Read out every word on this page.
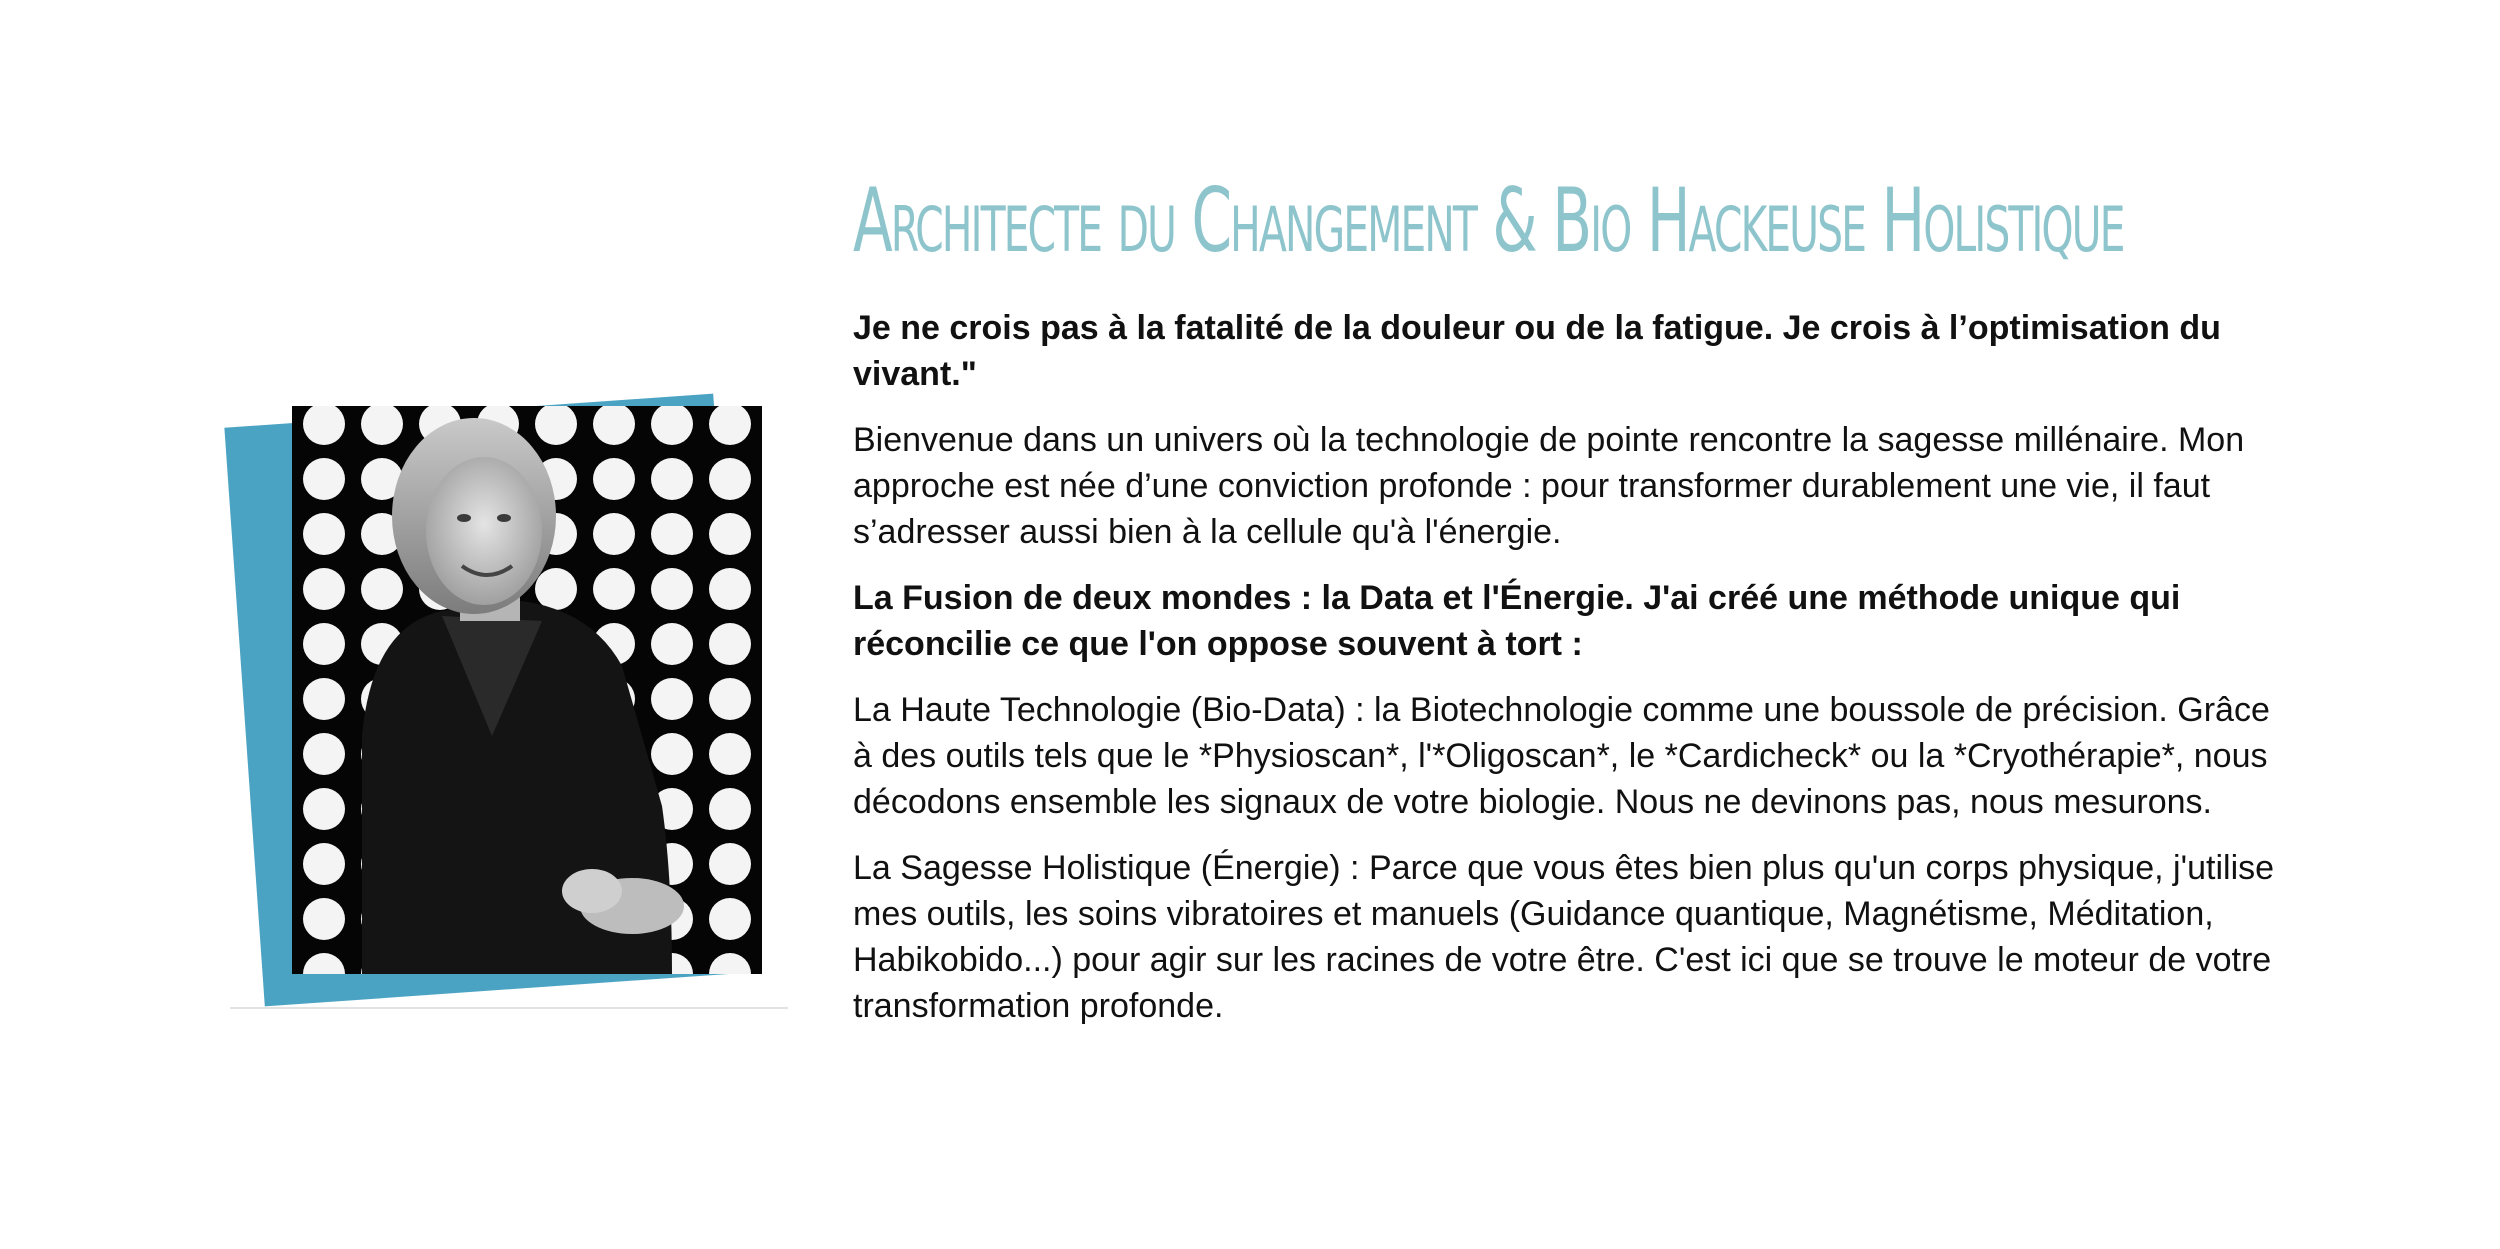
Architecte du Changement & Bio Hackeuse Holistique

Je ne crois pas à la fatalité de la douleur ou de la fatigue. Je crois à l’optimisation du vivant."

Bienvenue dans un univers où la technologie de pointe rencontre la sagesse millénaire. Mon approche est née d’une conviction profonde : pour transformer durablement une vie, il faut s’adresser aussi bien à la cellule qu'à l'énergie.

La Fusion de deux mondes : la Data et l'Énergie. J'ai créé une méthode unique qui réconcilie ce que l'on oppose souvent à tort :

La Haute Technologie (Bio-Data) : la Biotechnologie comme une boussole de précision. Grâce à des outils tels que le *Physioscan*, l'*Oligoscan*, le *Cardicheck* ou la *Cryothérapie*, nous décodons ensemble les signaux de votre biologie. Nous ne devinons pas, nous mesurons.

La Sagesse Holistique (Énergie) : Parce que vous êtes bien plus qu'un corps physique, j'utilise mes outils, les soins vibratoires et manuels (Guidance quantique, Magnétisme, Méditation, Habikobido...) pour agir sur les racines de votre être. C'est ici que se trouve le moteur de votre transformation profonde.
